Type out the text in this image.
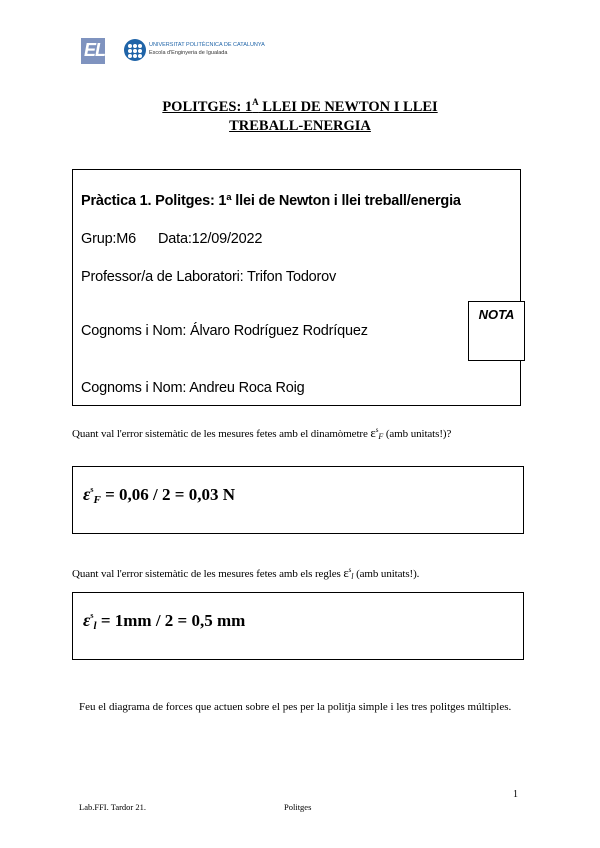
EL	UNIVERSITAT POLITÈCNICA DE CATALUNYA
Escola d'Enginyeria de Igualada
POLITGES: $1^A$ LLEI DE NEWTON I LLEI
TREBALL-ENERGIA
Pràctica 1. Politges: 1ª llei de Newton i llei treball/energia
Grup:M6 Data:12/09/2022
Professor/a de Laboratori: Trifon Todorov
Cognoms i Nom: Álvaro Rodríguez Rodríquez
Cognoms i Nom: Andreu Roca Roig
NOTA
Quant val l'error sistemàtic de les mesures fetes amb el dinamòmetre $\varepsilon^sF$ (amb unitats!)?
$\varepsilon^s_F = 0,06 / 2 = 0,03$ N
Quant val l'error sistemàtic de les mesures fetes amb els regles $\varepsilon^sl$ (amb unitats!).
$\varepsilon^s_l = 1mm / 2 = 0,5$ mm
Feu el diagrama de forces que actuen sobre el pes per la politja simple i les tres politges múltiples.
1
Lab.FFI. Tardor 21.	Politges
